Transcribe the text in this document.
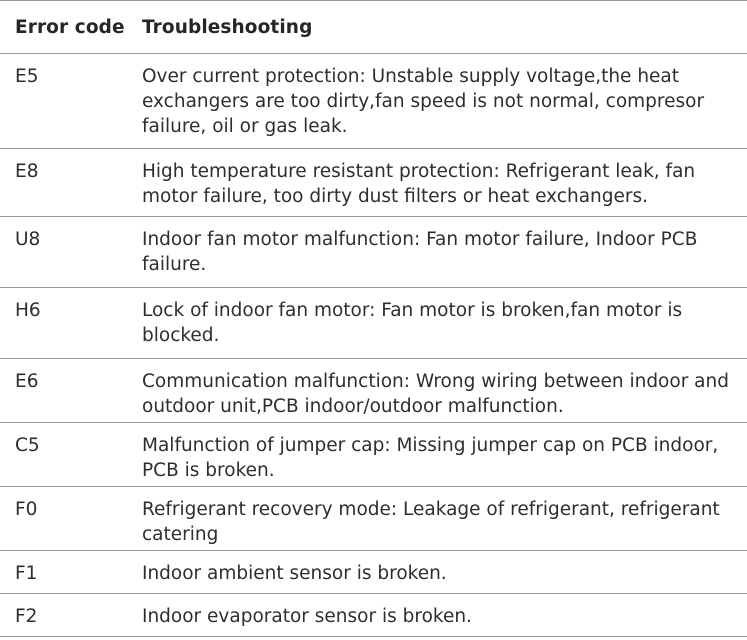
Error code Troubleshooting
E5	Over current protection: Unstable supply voltage,the heat exchangers are too dirty,fan speed is not normal, compresor failure, oil or gas leak.
E8	High temperature resistant protection: Refrigerant leak, fan motor failure, too dirty dust filters or heat exchangers.
U8	Indoor fan motor malfunction: Fan motor failure, Indoor PCB failure.
H6	Lock of indoor fan motor: Fan motor is broken,fan motor is blocked.
E6	Communication malfunction: Wrong wiring between indoor and outdoor unit,PCB indoor/outdoor malfunction.
C5	Malfunction of jumper cap: Missing jumper cap on PCB indoor, PCB is broken.
F0	Refrigerant recovery mode: Leakage of refrigerant, refrigerant catering
F1	Indoor ambient sensor is broken.
F2	Indoor evaporator sensor is broken.
